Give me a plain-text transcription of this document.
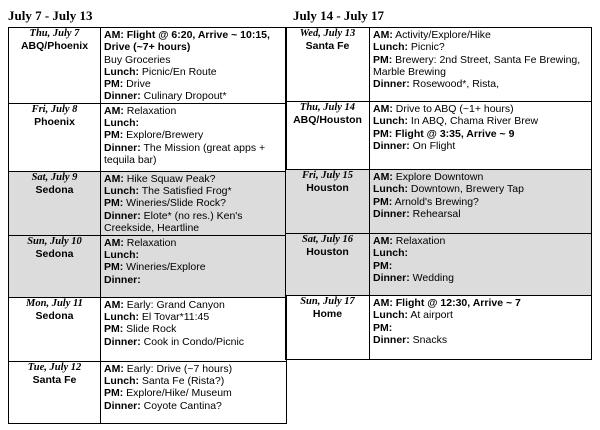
July 7 - July 13	July 14 - July 17
Thu, July 7
ABQ/Phoenix	AM: Flight @ 6:20, Arrive ~ 10:15, Drive (~7+ hours)
Buy Groceries
Lunch: Picnic/En Route
PM: Drive
Dinner: Culinary Dropout*

Fri, July 8
Phoenix	AM: Relaxation
Lunch:
PM: Explore/Brewery
Dinner: The Mission (great apps + tequila bar)

Sat, July 9
Sedona	AM: Hike Squaw Peak?
Lunch: The Satisfied Frog*
PM: Wineries/Slide Rock?
Dinner: Elote* (no res.) Ken's Creekside, Heartline

Sun, July 10
Sedona	AM: Relaxation
Lunch:
PM: Wineries/Explore
Dinner:

Mon, July 11
Sedona	AM: Early: Grand Canyon
Lunch: El Tovar*11:45
PM: Slide Rock
Dinner: Cook in Condo/Picnic

Tue, July 12
Santa Fe	AM: Early: Drive (~7 hours)
Lunch: Santa Fe (Rista?)
PM: Explore/Hike/ Museum
Dinner: Coyote Cantina?
Wed, July 13
Santa Fe	AM: Activity/Explore/Hike
Lunch: Picnic?
PM: Brewery: 2nd Street, Santa Fe Brewing, Marble Brewing
Dinner: Rosewood*, Rista,

Thu, July 14
ABQ/Houston	AM: Drive to ABQ (~1+ hours)
Lunch: In ABQ, Chama River Brew
PM: Flight @ 3:35, Arrive ~ 9
Dinner: On Flight

Fri, July 15
Houston	AM: Explore Downtown
Lunch: Downtown, Brewery Tap
PM: Arnold's Brewing?
Dinner: Rehearsal

Sat, July 16
Houston	AM: Relaxation
Lunch:
PM:
Dinner: Wedding

Sun, July 17
Home	AM: Flight @ 12:30, Arrive ~ 7
Lunch: At airport
PM:
Dinner: Snacks
